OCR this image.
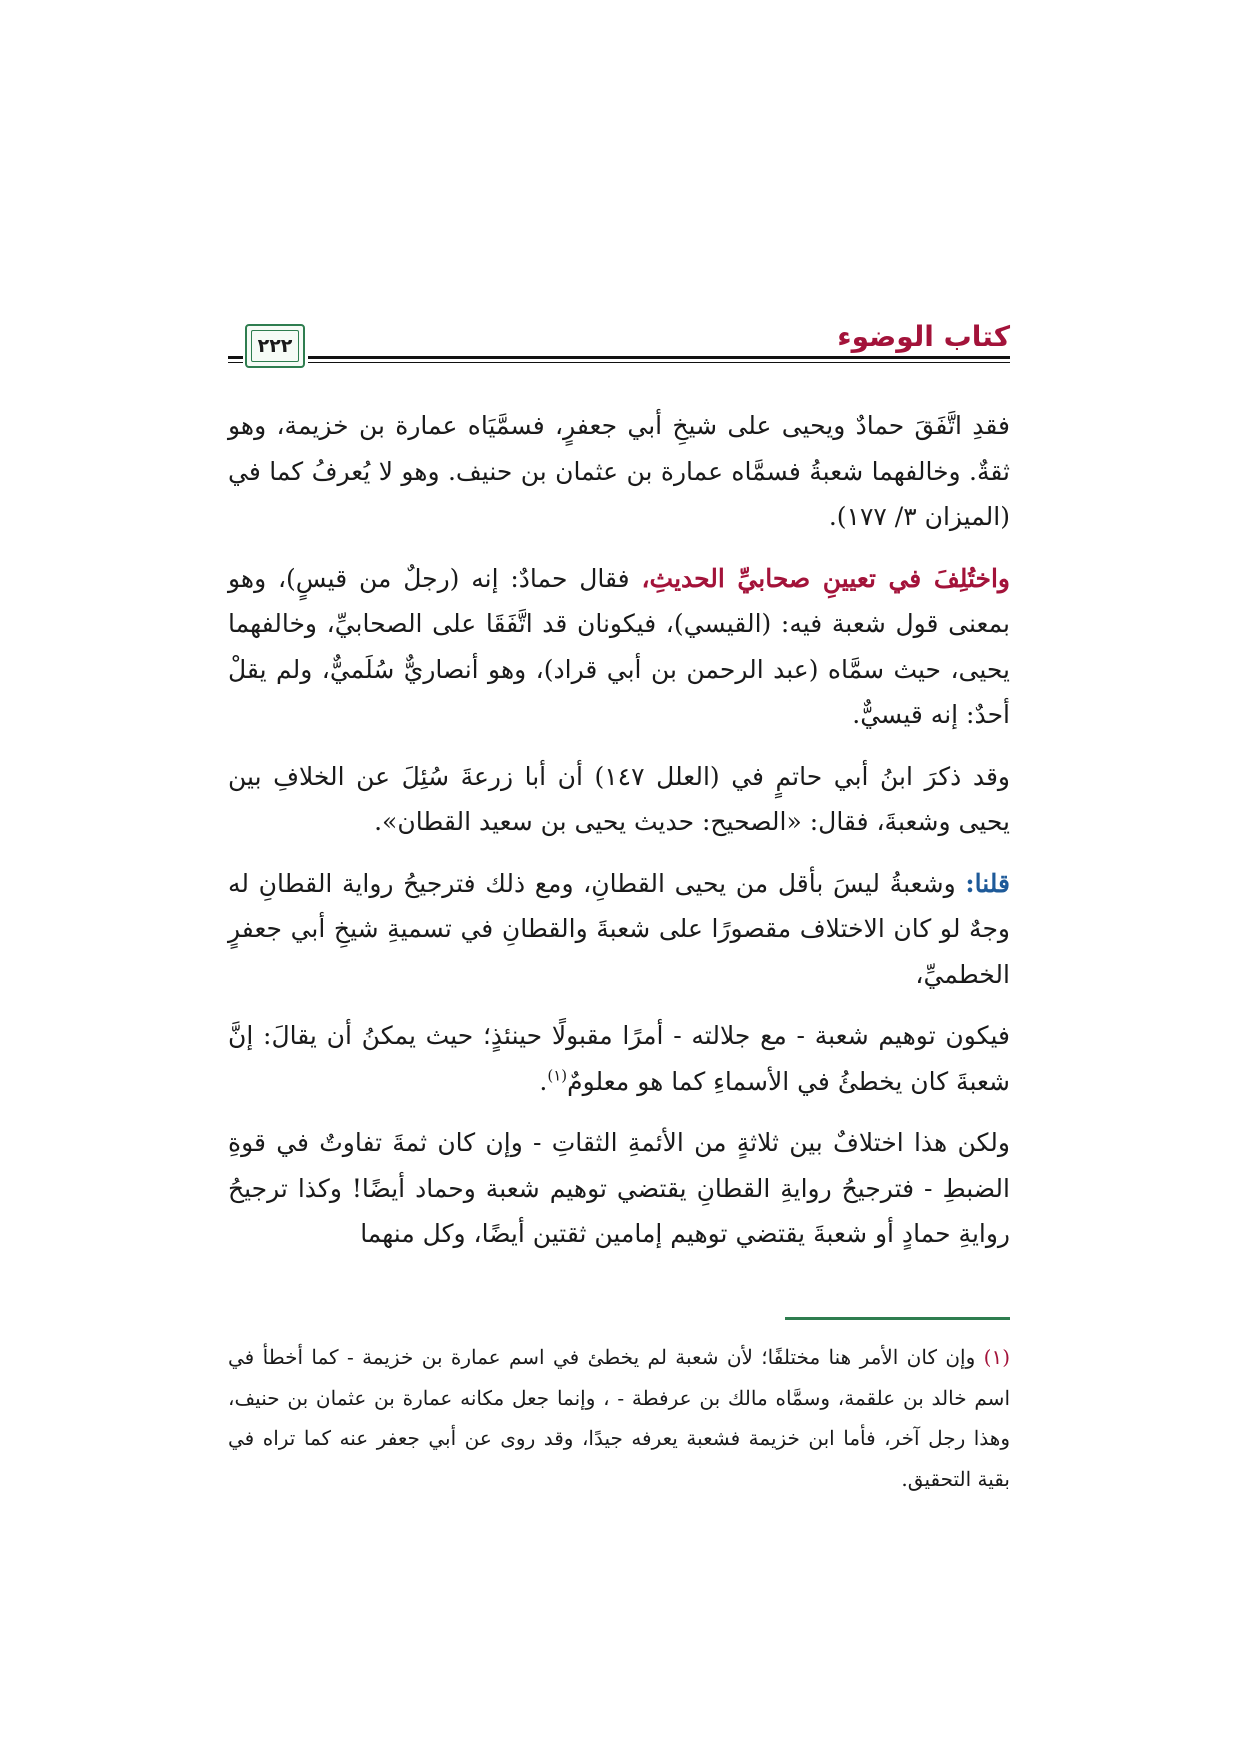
كتاب الوضوء
٢٢٢

فقدِ اتَّفَقَ حمادٌ ويحيى على شيخِ أبي جعفرٍ، فسمَّيَاه عمارة بن خزيمة، وهو ثقةٌ. وخالفهما شعبةُ فسمَّاه عمارة بن عثمان بن حنيف. وهو لا يُعرفُ كما في (الميزان ٣/ ١٧٧).

واختُلِفَ في تعيينِ صحابيِّ الحديثِ، فقال حمادٌ: إنه (رجلٌ من قيسٍ)، وهو بمعنى قول شعبة فيه: (القيسي)، فيكونان قد اتَّفَقَا على الصحابيِّ، وخالفهما يحيى، حيث سمَّاه (عبد الرحمن بن أبي قراد)، وهو أنصاريٌّ سُلَميٌّ، ولم يقلْ أحدٌ: إنه قيسيٌّ.

وقد ذكرَ ابنُ أبي حاتمٍ في (العلل ١٤٧) أن أبا زرعةَ سُئِلَ عن الخلافِ بين يحيى وشعبةَ، فقال: «الصحيح: حديث يحيى بن سعيد القطان».

قلنا: وشعبةُ ليسَ بأقل من يحيى القطانِ، ومع ذلك فترجيحُ رواية القطانِ له وجهٌ لو كان الاختلاف مقصورًا على شعبةَ والقطانِ في تسميةِ شيخِ أبي جعفرٍ الخطميِّ،

فيكون توهيم شعبة - مع جلالته - أمرًا مقبولًا حينئذٍ؛ حيث يمكنُ أن يقالَ: إنَّ شعبةَ كان يخطئُ في الأسماءِ كما هو معلومٌ$^{(١)}$.

ولكن هذا اختلافٌ بين ثلاثةٍ من الأئمةِ الثقاتِ - وإن كان ثمةَ تفاوتٌ في قوةِ الضبطِ - فترجيحُ روايةِ القطانِ يقتضي توهيم شعبة وحماد أيضًا! وكذا ترجيحُ روايةِ حمادٍ أو شعبةَ يقتضي توهيم إمامين ثقتين أيضًا، وكل منهما

(١) وإن كان الأمر هنا مختلفًا؛ لأن شعبة لم يخطئ في اسم عمارة بن خزيمة - كما أخطأ في اسم خالد بن علقمة، وسمَّاه مالك بن عرفطة - ، وإنما جعل مكانه عمارة بن عثمان بن حنيف، وهذا رجل آخر، فأما ابن خزيمة فشعبة يعرفه جيدًا، وقد روى عن أبي جعفر عنه كما تراه في بقية التحقيق.
